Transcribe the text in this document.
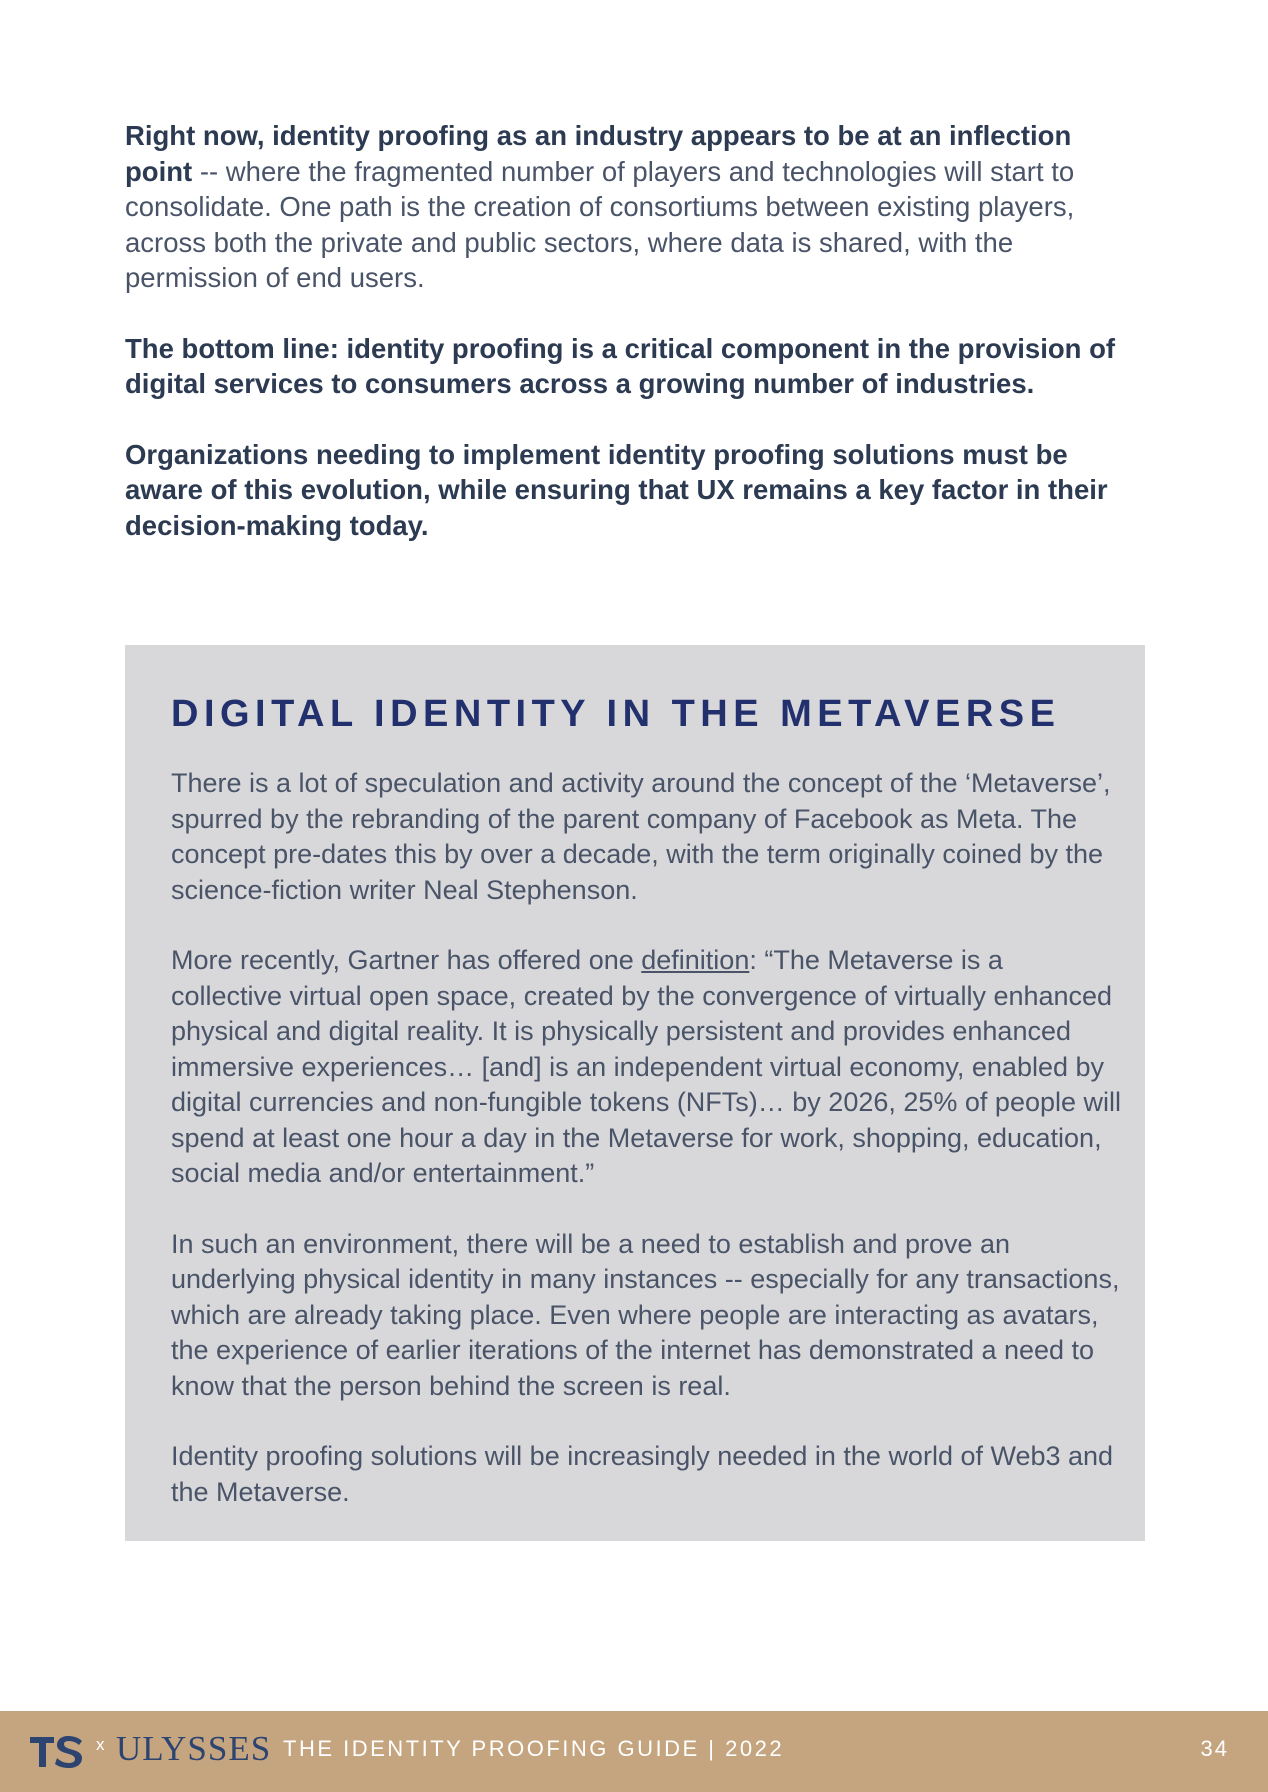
Right now, identity proofing as an industry appears to be at an inflection point -- where the fragmented number of players and technologies will start to consolidate. One path is the creation of consortiums between existing players, across both the private and public sectors, where data is shared, with the permission of end users.

The bottom line: identity proofing is a critical component in the provision of digital services to consumers across a growing number of industries.

Organizations needing to implement identity proofing solutions must be aware of this evolution, while ensuring that UX remains a key factor in their decision-making today.

DIGITAL IDENTITY IN THE METAVERSE

There is a lot of speculation and activity around the concept of the ‘Metaverse’, spurred by the rebranding of the parent company of Facebook as Meta. The concept pre-dates this by over a decade, with the term originally coined by the science-fiction writer Neal Stephenson.

More recently, Gartner has offered one definition: “The Metaverse is a collective virtual open space, created by the convergence of virtually enhanced physical and digital reality. It is physically persistent and provides enhanced immersive experiences… [and] is an independent virtual economy, enabled by digital currencies and non-fungible tokens (NFTs)… by 2026, 25% of people will spend at least one hour a day in the Metaverse for work, shopping, education, social media and/or entertainment.”

In such an environment, there will be a need to establish and prove an underlying physical identity in many instances -- especially for any transactions, which are already taking place. Even where people are interacting as avatars, the experience of earlier iterations of the internet has demonstrated a need to know that the person behind the screen is real.

Identity proofing solutions will be increasingly needed in the world of Web3 and the Metaverse.

x ULYSSES THE IDENTITY PROOFING GUIDE | 2022	34
